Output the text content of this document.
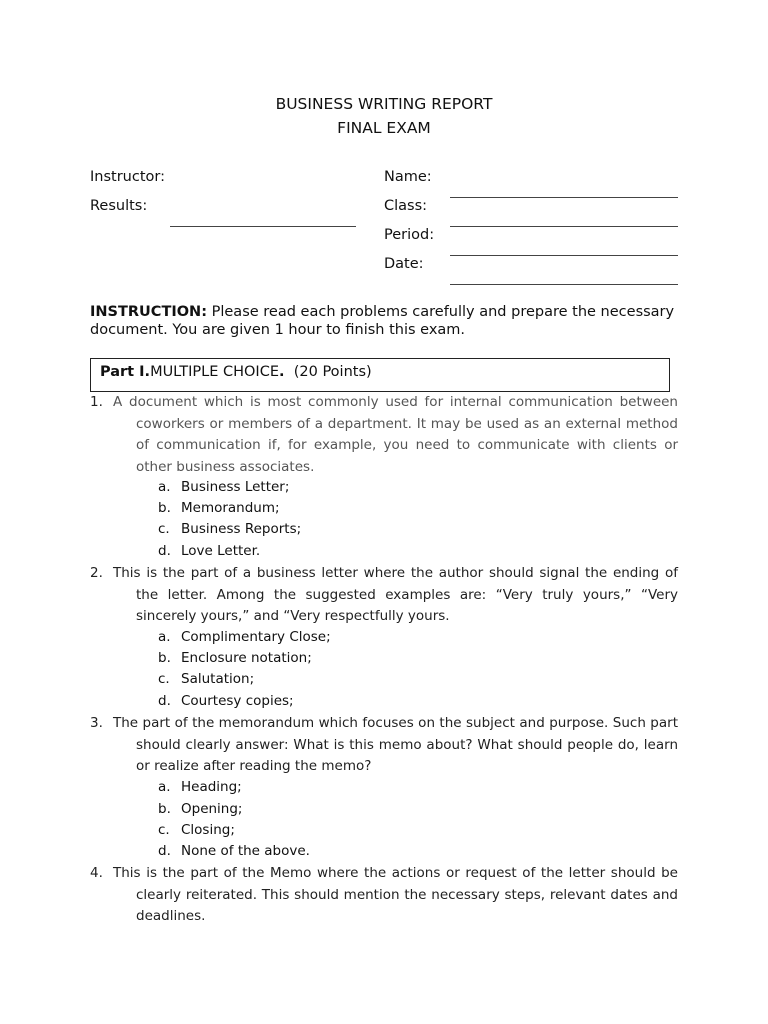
BUSINESS WRITING REPORT
FINAL EXAM
Instructor:
Results:
Name:
Class:
Period:
Date:
INSTRUCTION: Please read each problems carefully and prepare the necessary document. You are given 1 hour to finish this exam.
Part I.MULTIPLE CHOICE.  (20 Points)
1. A document which is most commonly used for internal communication between coworkers or members of a department. It may be used as an external method of communication if, for example, you need to communicate with clients or other business associates.

a. Business Letter;
b. Memorandum;
c. Business Reports;
d. Love Letter.
2. This is the part of a business letter where the author should signal the ending of the letter. Among the suggested examples are: “Very truly yours,” “Very sincerely yours,” and “Very respectfully yours.

a. Complimentary Close;
b. Enclosure notation;
c. Salutation;
d. Courtesy copies;
3. The part of the memorandum which focuses on the subject and purpose. Such part should clearly answer: What is this memo about? What should people do, learn or realize after reading the memo?

a. Heading;
b. Opening;
c. Closing;
d. None of the above.
4. This is the part of the Memo where the actions or request of the letter should be clearly reiterated. This should mention the necessary steps, relevant dates and deadlines.
